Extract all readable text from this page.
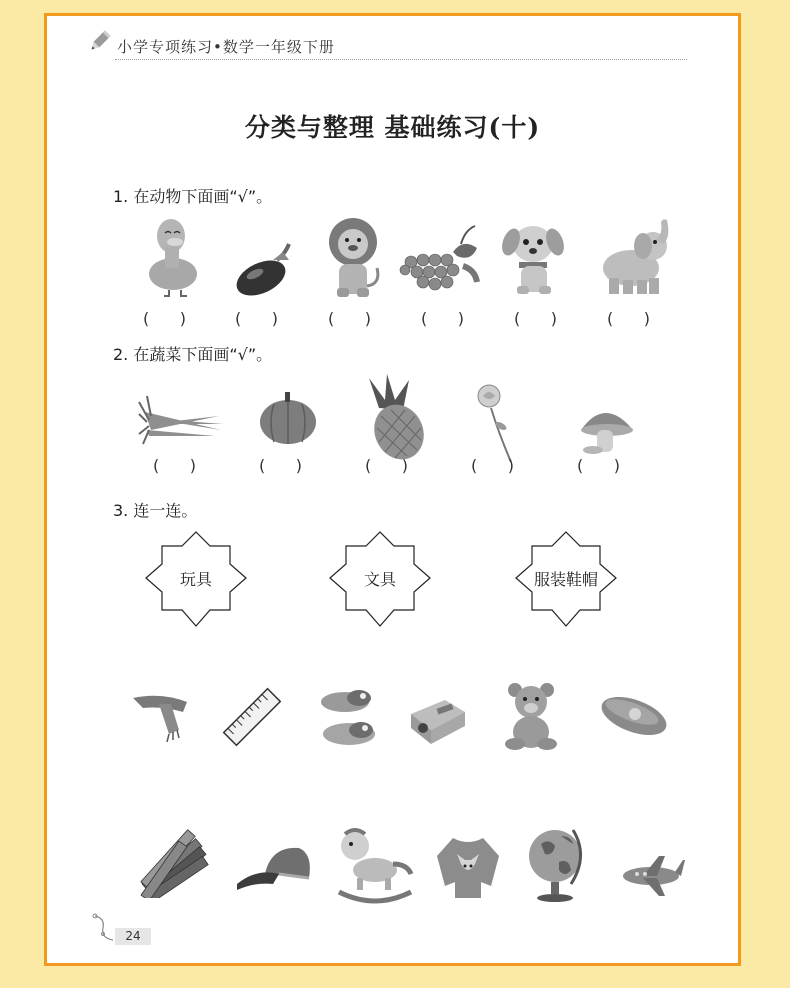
小学专项练习•数学一年级下册
分类与整理 基础练习(十)
1. 在动物下面画“√”。
(      )	(      )	(      )	(      )	(      )	(      )
2. 在蔬菜下面画“√”。
(      )	(      )	(      )	(      )	(      )
3. 连一连。
玩具	文具	服装鞋帽
24
